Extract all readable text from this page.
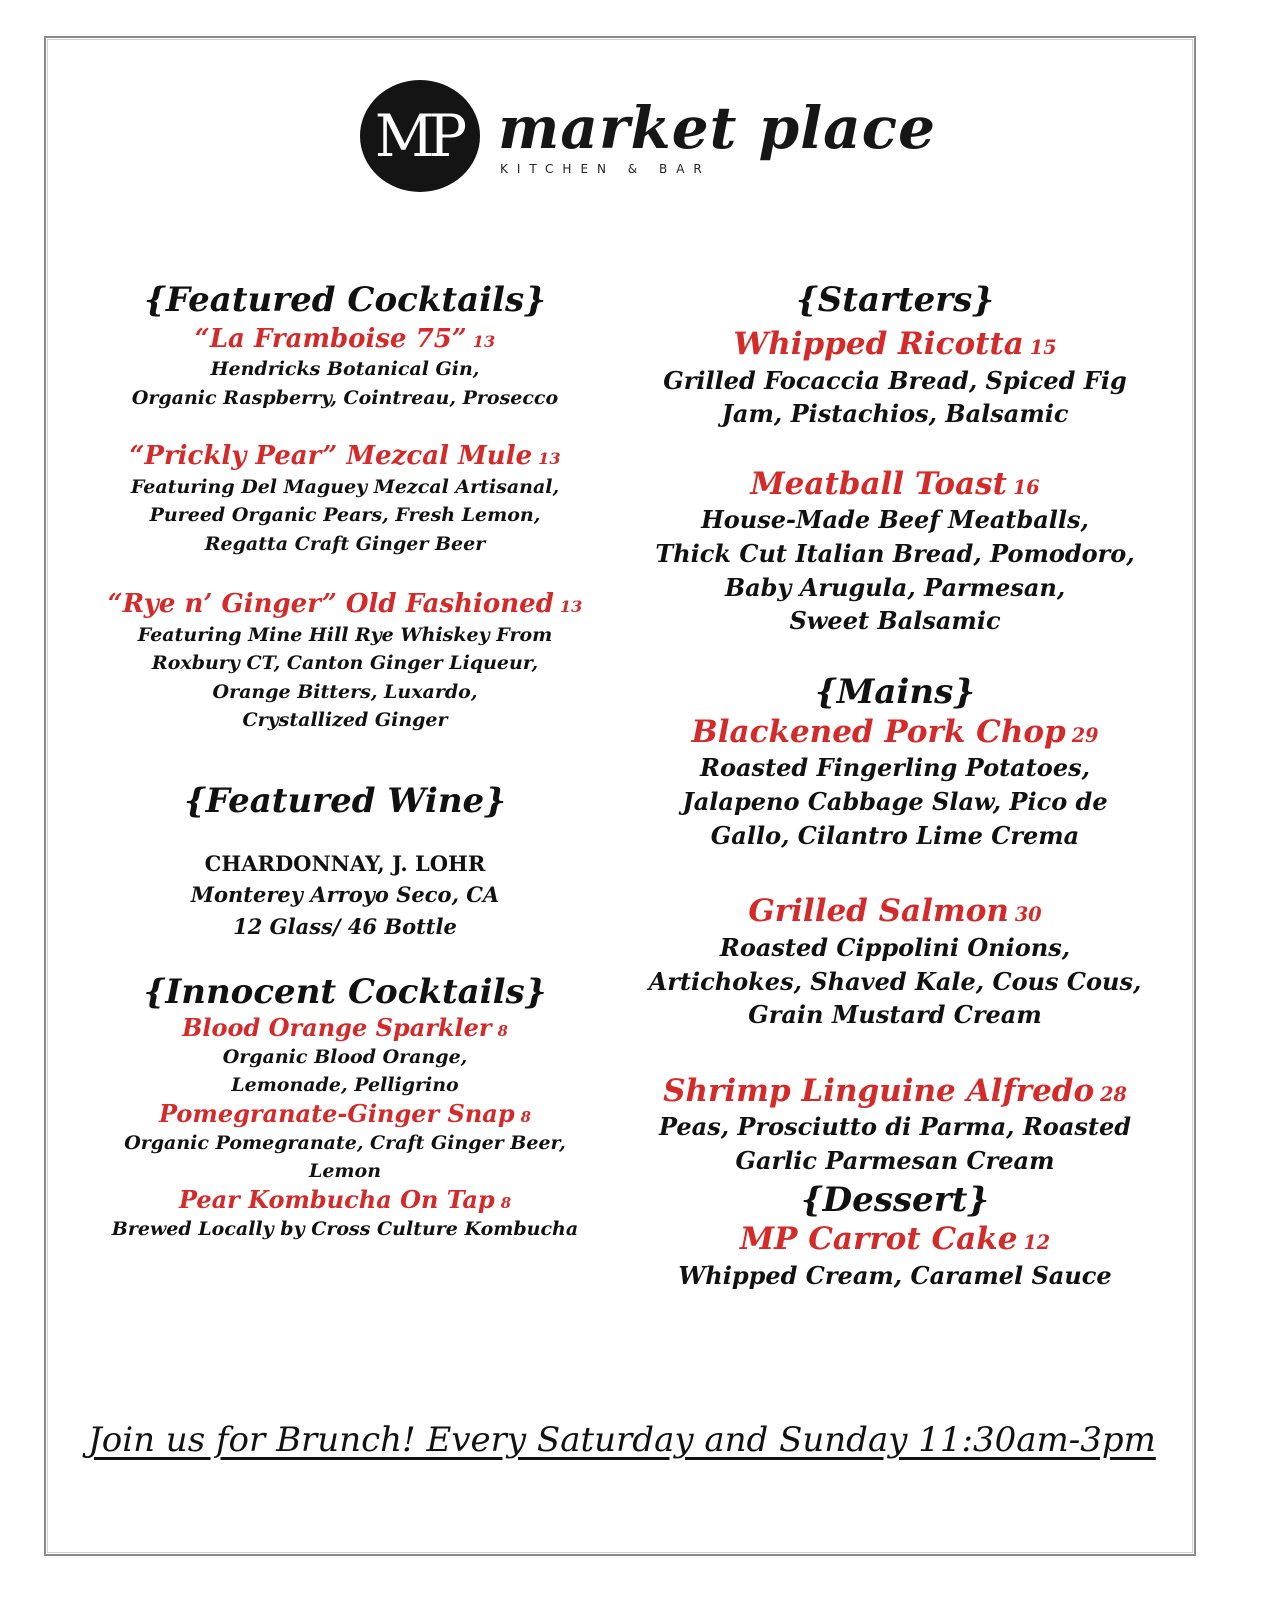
MP market place
KITCHEN & BAR
{Featured Cocktails}
“La Framboise 75” 13
Hendricks Botanical Gin,
Organic Raspberry, Cointreau, Prosecco
“Prickly Pear” Mezcal Mule 13
Featuring Del Maguey Mezcal Artisanal,
Pureed Organic Pears, Fresh Lemon,
Regatta Craft Ginger Beer
“Rye n’ Ginger” Old Fashioned 13
Featuring Mine Hill Rye Whiskey From
Roxbury CT, Canton Ginger Liqueur,
Orange Bitters, Luxardo,
Crystallized Ginger
{Featured Wine}
CHARDONNAY, J. LOHR
Monterey Arroyo Seco, CA
12 Glass/ 46 Bottle
{Innocent Cocktails}
Blood Orange Sparkler 8
Organic Blood Orange,
Lemonade, Pelligrino
Pomegranate-Ginger Snap 8
Organic Pomegranate, Craft Ginger Beer,
Lemon
Pear Kombucha On Tap 8
Brewed Locally by Cross Culture Kombucha
{Starters}
Whipped Ricotta 15
Grilled Focaccia Bread, Spiced Fig
Jam, Pistachios, Balsamic
Meatball Toast 16
House-Made Beef Meatballs,
Thick Cut Italian Bread, Pomodoro,
Baby Arugula, Parmesan,
Sweet Balsamic
{Mains}
Blackened Pork Chop 29
Roasted Fingerling Potatoes,
Jalapeno Cabbage Slaw, Pico de
Gallo, Cilantro Lime Crema
Grilled Salmon 30
Roasted Cippolini Onions,
Artichokes, Shaved Kale, Cous Cous,
Grain Mustard Cream
Shrimp Linguine Alfredo 28
Peas, Prosciutto di Parma, Roasted
Garlic Parmesan Cream
{Dessert}
MP Carrot Cake 12
Whipped Cream, Caramel Sauce
Join us for Brunch! Every Saturday and Sunday 11:30am-3pm
